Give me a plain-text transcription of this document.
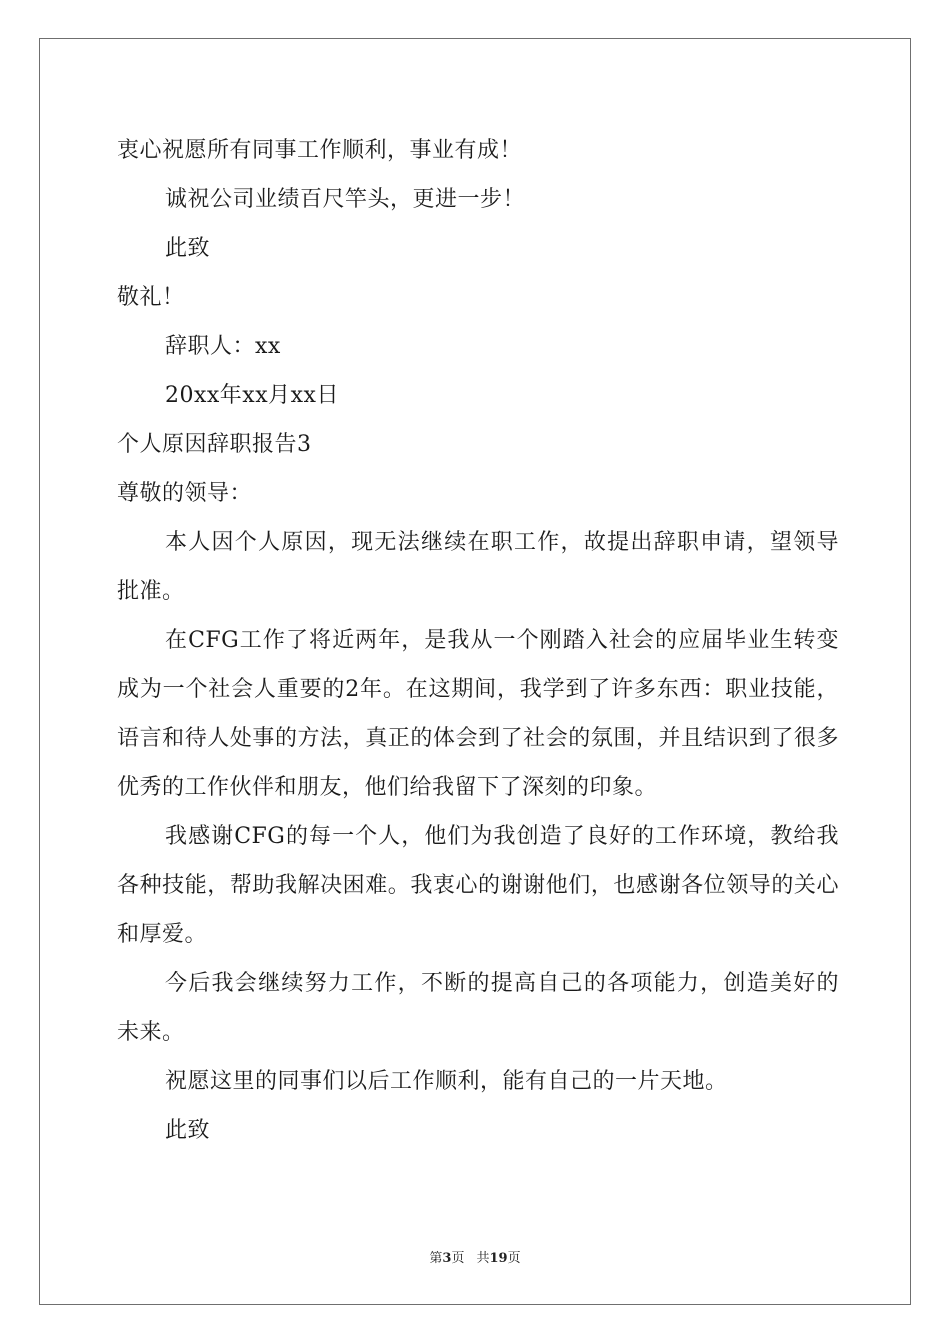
衷心祝愿所有同事工作顺利，事业有成！

诚祝公司业绩百尺竿头，更进一步！

此致

敬礼！

辞职人：xx

20xx年xx月xx日

个人原因辞职报告3

尊敬的领导：

本人因个人原因，现无法继续在职工作，故提出辞职申请，望领导批准。

在CFG工作了将近两年，是我从一个刚踏入社会的应届毕业生转变成为一个社会人重要的2年。在这期间，我学到了许多东西：职业技能，语言和待人处事的方法，真正的体会到了社会的氛围，并且结识到了很多优秀的工作伙伴和朋友，他们给我留下了深刻的印象。

我感谢CFG的每一个人，他们为我创造了良好的工作环境，教给我各种技能，帮助我解决困难。我衷心的谢谢他们，也感谢各位领导的关心和厚爱。

今后我会继续努力工作，不断的提高自己的各项能力，创造美好的未来。

祝愿这里的同事们以后工作顺利，能有自己的一片天地。

此致

第3页 共19页
